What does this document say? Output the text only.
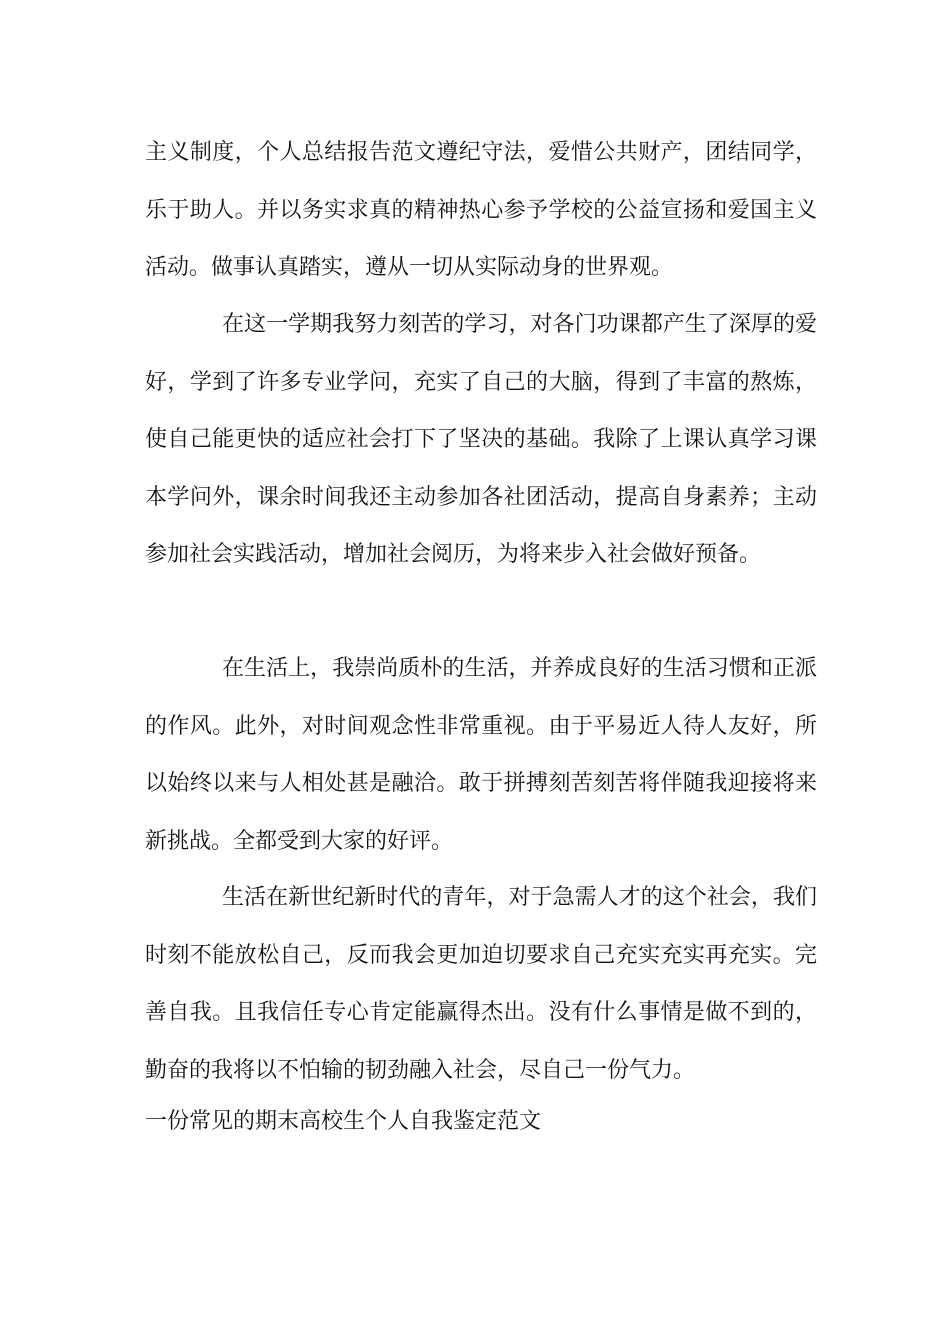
主义制度，个人总结报告范文遵纪守法，爱惜公共财产，团结同学，乐于助人。并以务实求真的精神热心参予学校的公益宣扬和爱国主义活动。做事认真踏实，遵从一切从实际动身的世界观。

在这一学期我努力刻苦的学习，对各门功课都产生了深厚的爱好，学到了许多专业学问，充实了自己的大脑，得到了丰富的熬炼，使自己能更快的适应社会打下了坚决的基础。我除了上课认真学习课本学问外，课余时间我还主动参加各社团活动，提高自身素养；主动参加社会实践活动，增加社会阅历，为将来步入社会做好预备。

在生活上，我崇尚质朴的生活，并养成良好的生活习惯和正派的作风。此外，对时间观念性非常重视。由于平易近人待人友好，所以始终以来与人相处甚是融洽。敢于拼搏刻苦刻苦将伴随我迎接将来新挑战。全都受到大家的好评。

生活在新世纪新时代的青年，对于急需人才的这个社会，我们时刻不能放松自己，反而我会更加迫切要求自己充实充实再充实。完善自我。且我信任专心肯定能赢得杰出。没有什么事情是做不到的，勤奋的我将以不怕输的韧劲融入社会，尽自己一份气力。

一份常见的期末高校生个人自我鉴定范文
